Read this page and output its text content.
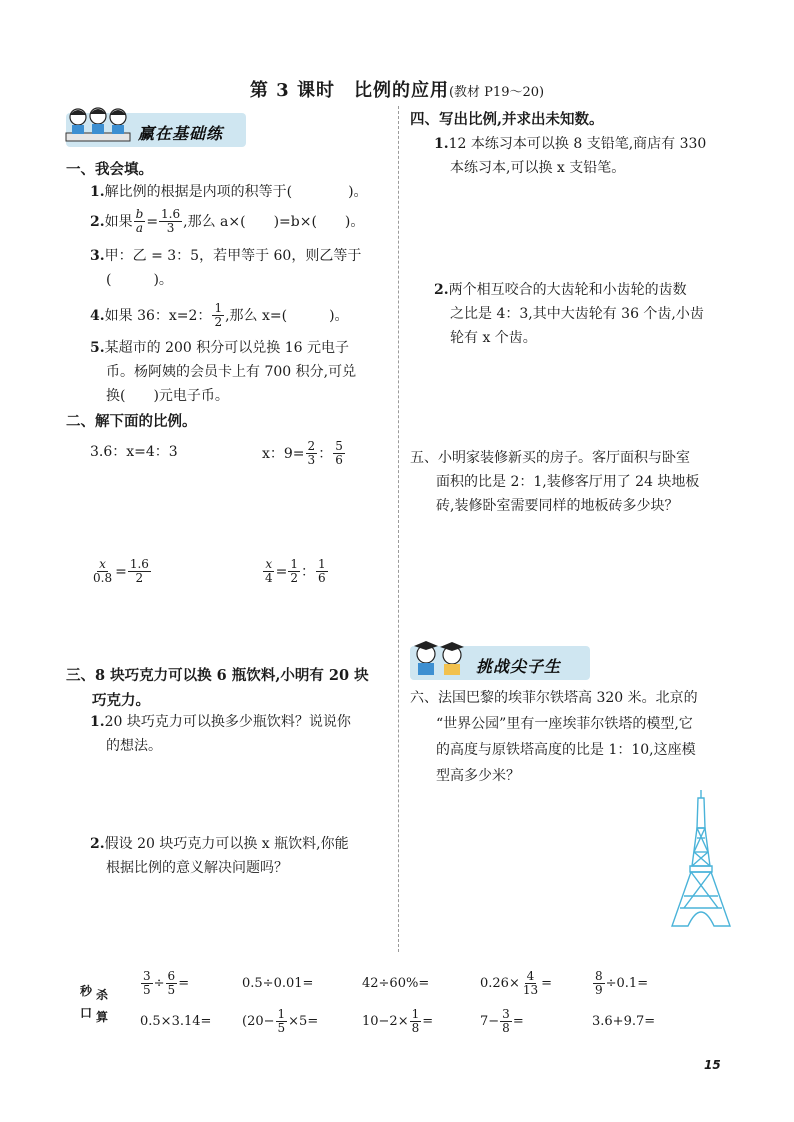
第 3 课时　比例的应用(教材 P19～20)
赢在基础练
一、我会填。
1.解比例的根据是内项的积等于(　　　　)。
2. 如果 $\frac{b}{a} = \frac{1.6}{3}$ ,那么 a×(　　)=b×(　　)。
3.甲：乙 = 3：5，若甲等于 60，则乙等于
(　　　)。
4. 如果 36：x=2： $\frac{1}{2}$ ,那么 x=(　　　)。
5.某超市的 200 积分可以兑换 16 元电子
币。杨阿姨的会员卡上有 700 积分,可兑
换(　　)元电子币。
二、解下面的比例。
3.6：x=4：3	x：$9= \frac{2}{3}$ ： $\frac{5}{6}$
$\frac{x}{0.8} = \frac{1.6}{2}$	$\frac{x}{4} = \frac{1}{2}$ ： $\frac{1}{6}$
三、8 块巧克力可以换 6 瓶饮料,小明有 20 块
巧克力。
1.20 块巧克力可以换多少瓶饮料？说说你
的想法。
2.假设 20 块巧克力可以换 x 瓶饮料,你能
根据比例的意义解决问题吗？
四、写出比例,并求出未知数。
1.12 本练习本可以换 8 支铅笔,商店有 330
本练习本,可以换 x 支铅笔。
2.两个相互咬合的大齿轮和小齿轮的齿数
之比是 4：3,其中大齿轮有 36 个齿,小齿
轮有 x 个齿。
五、小明家装修新买的房子。客厅面积与卧室
面积的比是 2：1,装修客厅用了 24 块地板
砖,装修卧室需要同样的地板砖多少块？
挑战尖子生
六、法国巴黎的埃菲尔铁塔高 320 米。北京的
“世界公园”里有一座埃菲尔铁塔的模型,它
的高度与原铁塔高度的比是 1：10,这座模
型高多少米？
秒 杀
口 算
$\frac{3}{5} \div \frac{6}{5}$ =	0.5÷0.01=	42÷60%=	$0.26\times \frac{4}{13}$ =	$\frac{8}{9} \div 0.1=$
$0.5\times 3.14= (20- \frac{1}{5} \times 5=$	$10-2\times \frac{1}{8}$ =	$7- \frac{3}{8}$ =	3.6+9.7=
15
